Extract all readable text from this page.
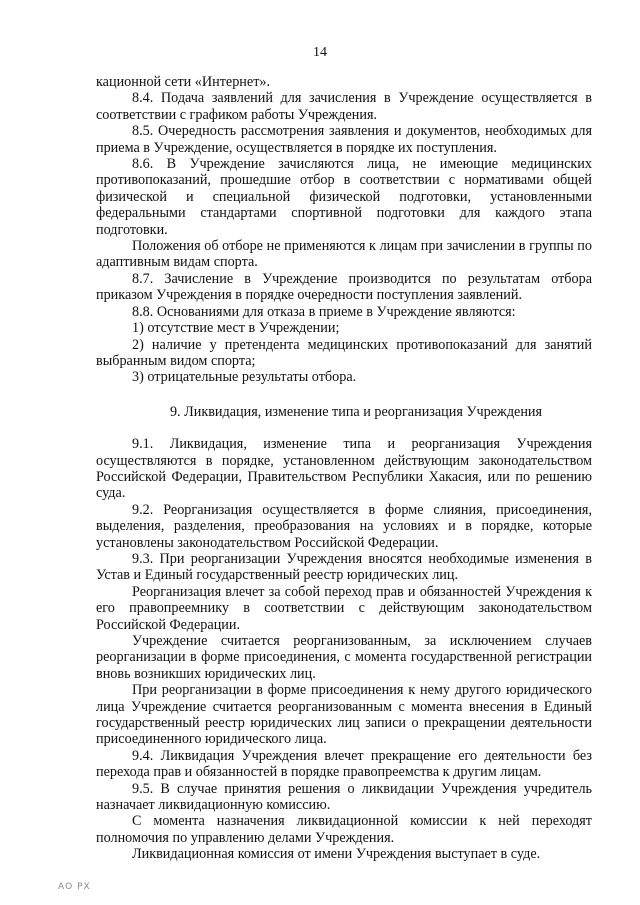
14

кационной сети «Интернет».

8.4. Подача заявлений для зачисления в Учреждение осуществляется в соответствии с графиком работы Учреждения.

8.5. Очередность рассмотрения заявления и документов, необходимых для приема в Учреждение, осуществляется в порядке их поступления.

8.6. В Учреждение зачисляются лица, не имеющие медицинских противопоказаний, прошедшие отбор в соответствии с нормативами общей физической и специальной физической подготовки, установленными федеральными стандартами спортивной подготовки для каждого этапа подготовки.

Положения об отборе не применяются к лицам при зачислении в группы по адаптивным видам спорта.

8.7. Зачисление в Учреждение производится по результатам отбора приказом Учреждения в порядке очередности поступления заявлений.

8.8. Основаниями для отказа в приеме в Учреждение являются:

1) отсутствие мест в Учреждении;

2) наличие у претендента медицинских противопоказаний для занятий выбранным видом спорта;

3) отрицательные результаты отбора.

9. Ликвидация, изменение типа и реорганизация Учреждения

9.1. Ликвидация, изменение типа и реорганизация Учреждения осуществляются в порядке, установленном действующим законодательством Российской Федерации, Правительством Республики Хакасия, или по решению суда.

9.2. Реорганизация осуществляется в форме слияния, присоединения, выделения, разделения, преобразования на условиях и в порядке, которые установлены законодательством Российской Федерации.

9.3. При реорганизации Учреждения вносятся необходимые изменения в Устав и Единый государственный реестр юридических лиц.

Реорганизация влечет за собой переход прав и обязанностей Учреждения к его правопреемнику в соответствии с действующим законодательством Российской Федерации.

Учреждение считается реорганизованным, за исключением случаев реорганизации в форме присоединения, с момента государственной регистрации вновь возникших юридических лиц.

При реорганизации в форме присоединения к нему другого юридического лица Учреждение считается реорганизованным с момента внесения в Единый государственный реестр юридических лиц записи о прекращении деятельности присоединенного юридического лица.

9.4. Ликвидация Учреждения влечет прекращение его деятельности без перехода прав и обязанностей в порядке правопреемства к другим лицам.

9.5. В случае принятия решения о ликвидации Учреждения учредитель назначает ликвидационную комиссию.

С момента назначения ликвидационной комиссии к ней переходят полномочия по управлению делами Учреждения.

Ликвидационная комиссия от имени Учреждения выступает в суде.

АО РХ
